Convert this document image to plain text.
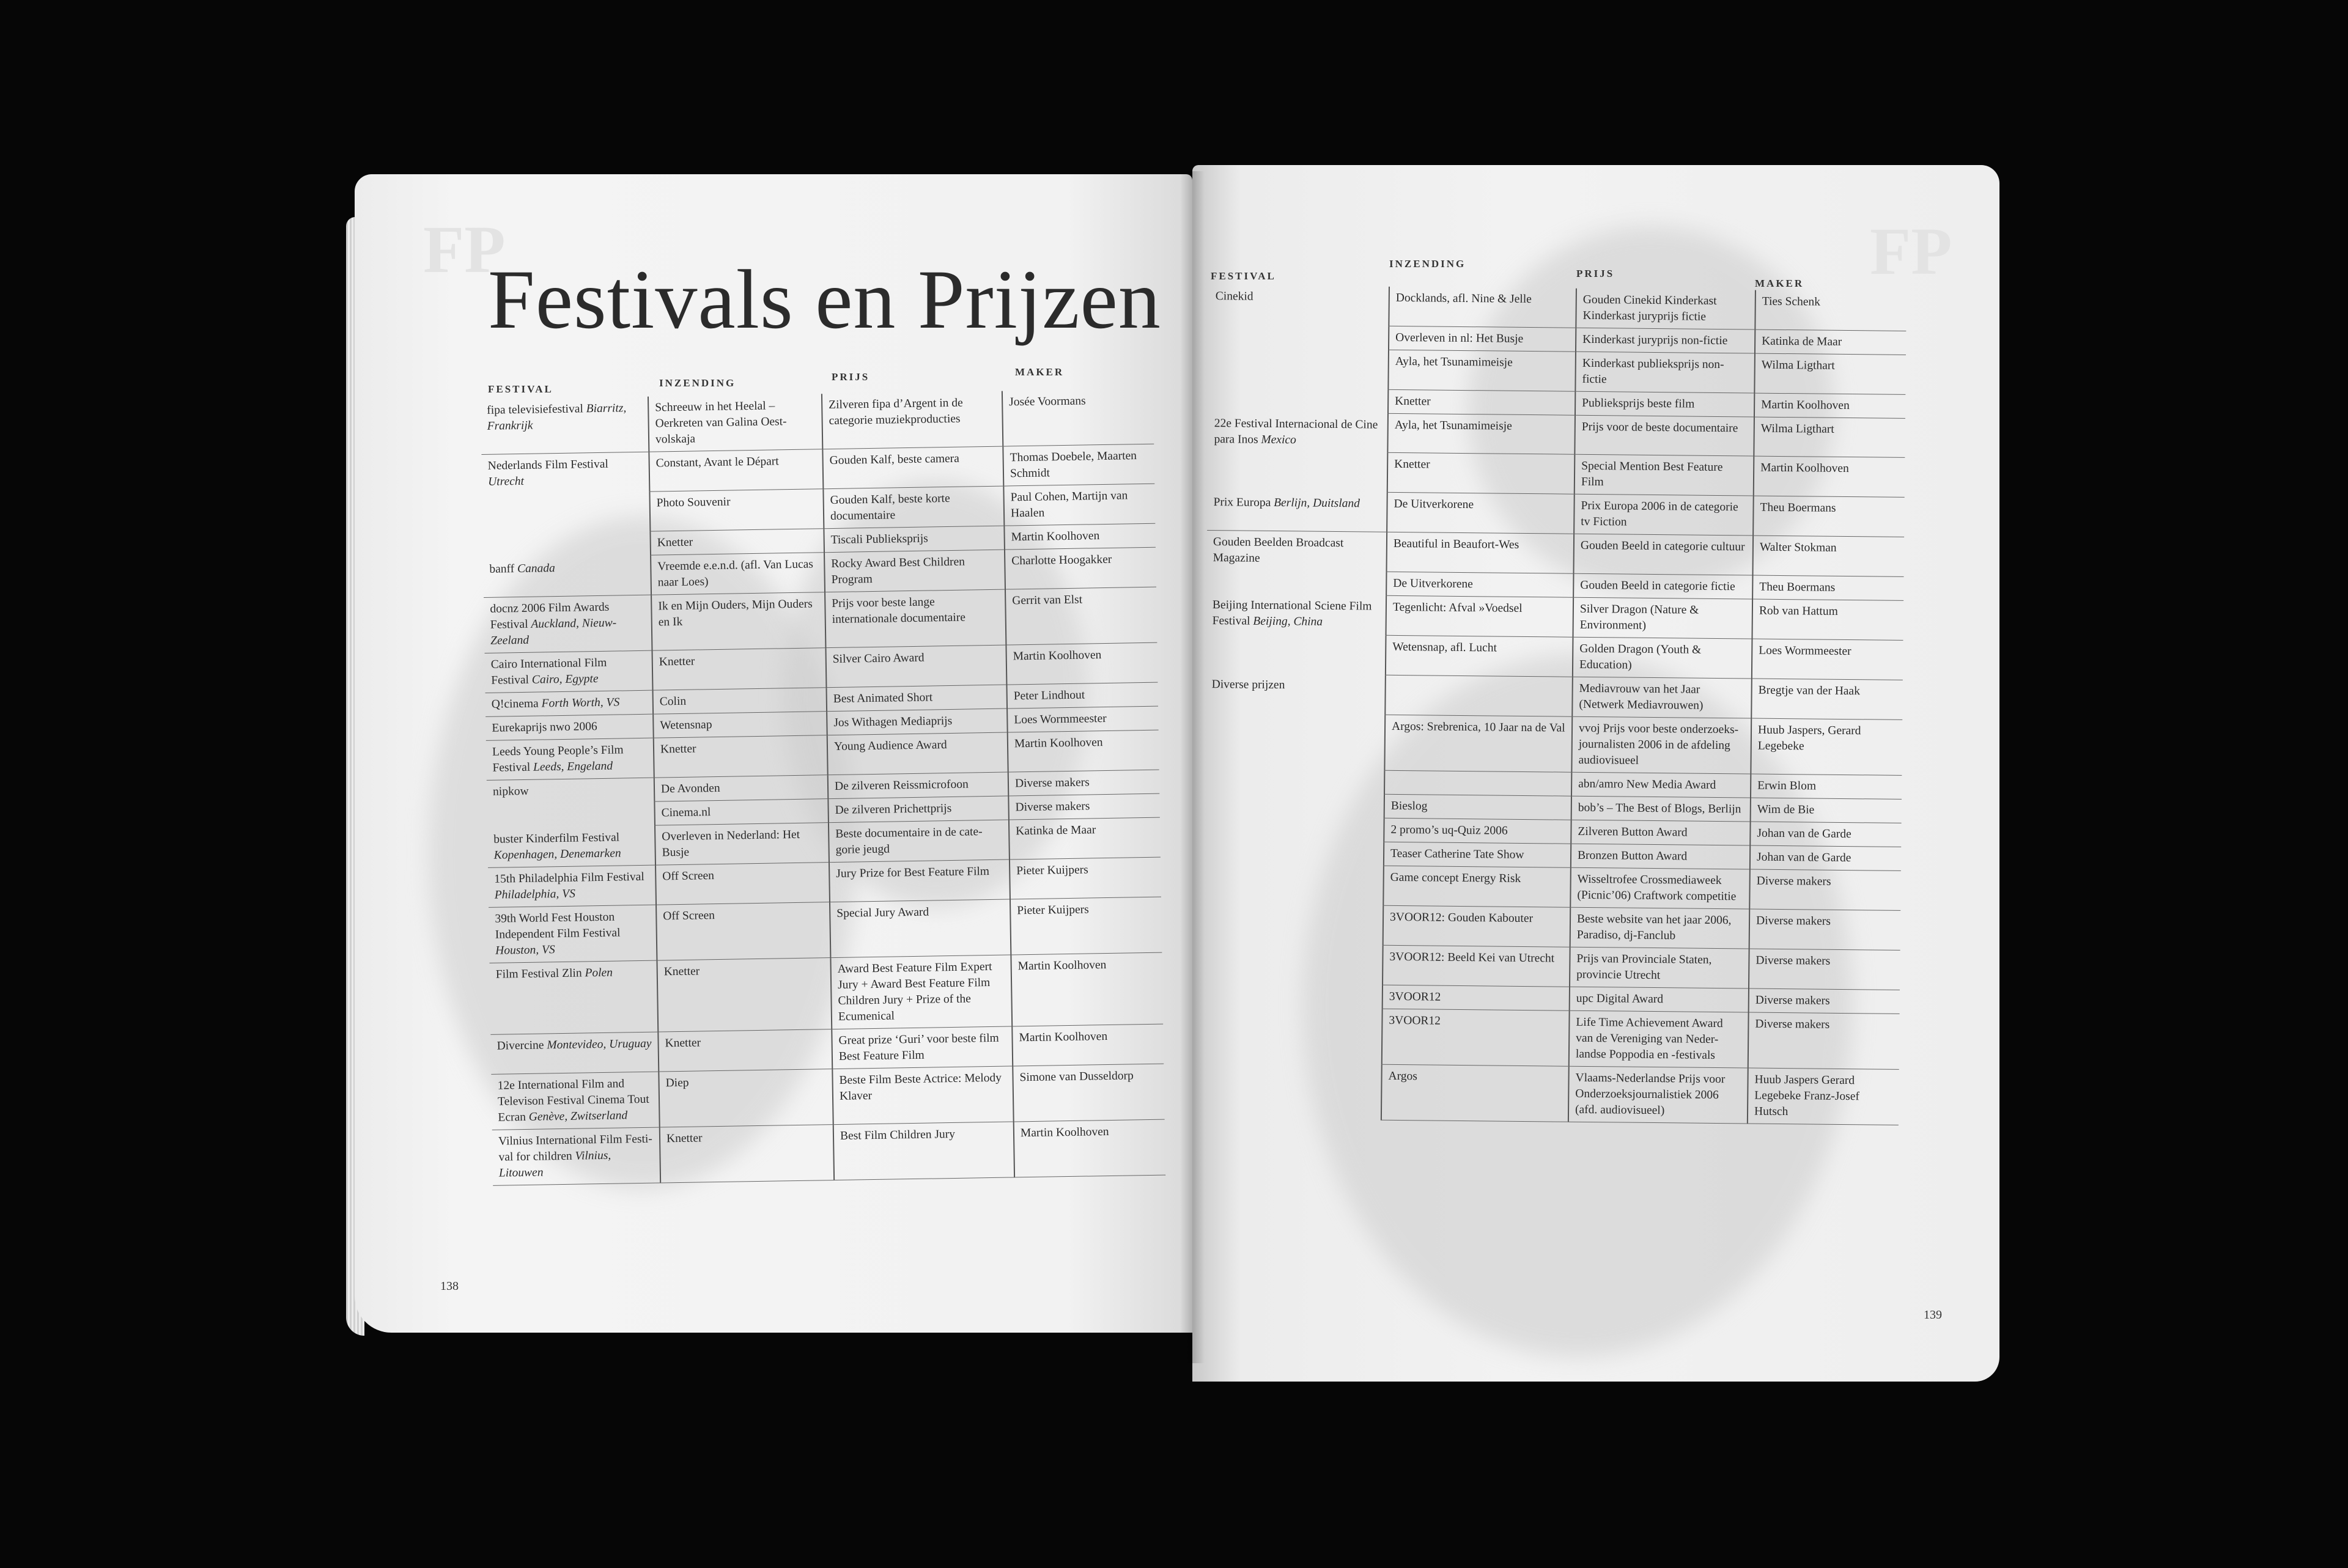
FP
Festivals en Prijzen
FESTIVAL
INZENDING
PRIJS	MAKER
fipa televisiefestival Biarritz, Frankrijk	Schreeuw in het Heelal – Oerkreten van Galina Oest-volskaja	Zilveren fipa d’Argent in de categorie muziekproducties	Josée Voormans
Nederlands Film Festival Utrecht	Constant, Avant le Départ	Gouden Kalf, beste camera	Thomas Doebele, Maarten Schmidt
	Photo Souvenir	Gouden Kalf, beste korte documentaire	Paul Cohen, Martijn van Haalen
	Knetter	Tiscali Publieksprijs	Martin Koolhoven
banff Canada	Vreemde e.e.n.d. (afl. Van Lucas naar Loes)	Rocky Award Best Children Program	Charlotte Hoogakker
docnz 2006 Film Awards Festival Auckland, Nieuw-Zeeland	Ik en Mijn Ouders, Mijn Ouders en Ik	Prijs voor beste lange internationale documentaire	Gerrit van Elst
Cairo International Film Festival Cairo, Egypte	Knetter	Silver Cairo Award	Martin Koolhoven
Q!cinema Forth Worth, VS	Colin	Best Animated Short	Peter Lindhout
Eurekaprijs nwo 2006	Wetensnap	Jos Withagen Mediaprijs	Loes Wormmeester
Leeds Young People’s Film Festival Leeds, Engeland	Knetter	Young Audience Award	Martin Koolhoven
nipkow	De Avonden	De zilveren Reissmicrofoon	Diverse makers
	Cinema.nl	De zilveren Prichettprijs	Diverse makers
buster Kinderfilm Festival Kopenhagen, Denemarken	Overleven in Nederland: Het Busje	Beste documentaire in de cate-gorie jeugd	Katinka de Maar
15th Philadelphia Film Festival Philadelphia, VS	Off Screen	Jury Prize for Best Feature Film	Pieter Kuijpers
39th World Fest Houston Independent Film Festival Houston, VS	Off Screen	Special Jury Award	Pieter Kuijpers
Film Festival Zlin Polen	Knetter	Award Best Feature Film Expert Jury + Award Best Feature Film Children Jury + Prize of the Ecumenical	Martin Koolhoven
Divercine Montevideo, Uruguay	Knetter	Great prize ‘Guri’ voor beste film Best Feature Film	Martin Koolhoven
12e International Film and Televison Festival Cinema Tout Ecran Genève, Zwitserland	Diep	Beste Film Beste Actrice: Melody Klaver	Simone van Dusseldorp
Vilnius International Film Festi-val for children Vilnius, Litouwen	Knetter	Best Film Children Jury	Martin Koolhoven
138
FP
FESTIVAL
INZENDING
PRIJS
MAKER
Cinekid	Docklands, afl. Nine & Jelle	Gouden Cinekid Kinderkast Kinderkast juryprijs fictie	Ties Schenk
	Overleven in nl: Het Busje	Kinderkast juryprijs non-fictie	Katinka de Maar
	Ayla, het Tsunamimeisje	Kinderkast publieksprijs non-fictie	Wilma Ligthart
	Knetter	Publieksprijs beste film	Martin Koolhoven
22e Festival Internacional de Cine para Inos Mexico	Ayla, het Tsunamimeisje	Prijs voor de beste documentaire	Wilma Ligthart
	Knetter	Special Mention Best Feature Film	Martin Koolhoven
Prix Europa Berlijn, Duitsland	De Uitverkorene	Prix Europa 2006 in de categorie tv Fiction	Theu Boermans
Gouden Beelden Broadcast Magazine	Beautiful in Beaufort-Wes	Gouden Beeld in categorie cultuur	Walter Stokman
	De Uitverkorene	Gouden Beeld in categorie fictie	Theu Boermans
Beijing International Sciene Film Festival Beijing, China	Tegenlicht: Afval »Voedsel	Silver Dragon (Nature & Environment)	Rob van Hattum
	Wetensnap, afl. Lucht	Golden Dragon (Youth & Education)	Loes Wormmeester
Diverse prijzen		Mediavrouw van het Jaar (Netwerk Mediavrouwen)	Bregtje van der Haak
	Argos: Srebrenica, 10 Jaar na de Val	vvoj Prijs voor beste onderzoeks-journalisten 2006 in de afdeling audiovisueel	Huub Jaspers, Gerard Legebeke
		abn/amro New Media Award	Erwin Blom
	Bieslog	bob’s – The Best of Blogs, Berlijn	Wim de Bie
	2 promo’s uq-Quiz 2006	Zilveren Button Award	Johan van de Garde
	Teaser Catherine Tate Show	Bronzen Button Award	Johan van de Garde
	Game concept Energy Risk	Wisseltrofee Crossmediaweek (Picnic’06) Craftwork competitie	Diverse makers
	3VOOR12: Gouden Kabouter	Beste website van het jaar 2006, Paradiso, dj-Fanclub	Diverse makers
	3VOOR12: Beeld Kei van Utrecht	Prijs van Provinciale Staten, provincie Utrecht	Diverse makers
	3VOOR12	upc Digital Award	Diverse makers
	3VOOR12	Life Time Achievement Award van de Vereniging van Neder-landse Poppodia en -festivals	Diverse makers
	Argos	Vlaams-Nederlandse Prijs voor Onderzoeksjournalistiek 2006 (afd. audiovisueel)	Huub Jaspers Gerard Legebeke Franz-Josef Hutsch
139
